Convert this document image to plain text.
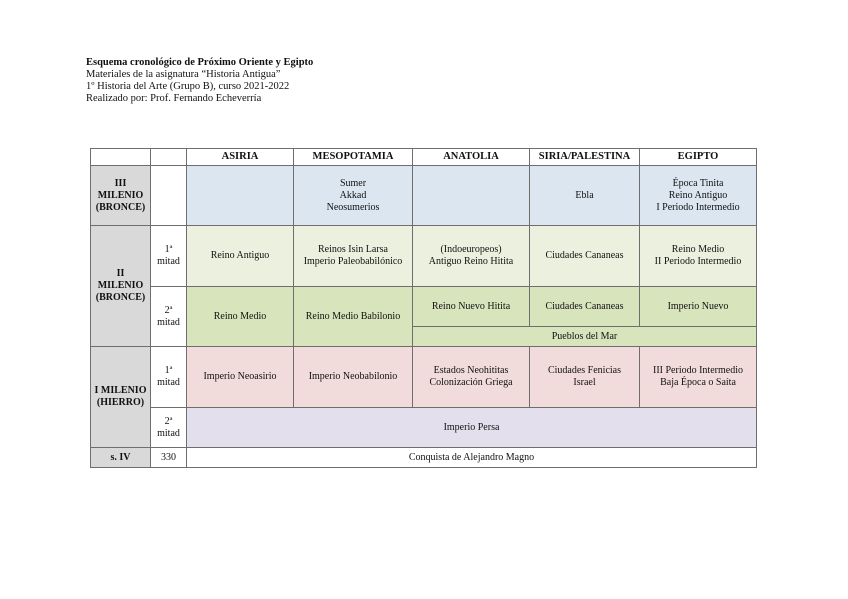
Esquema cronológico de Próximo Oriente y Egipto
Materiales de la asignatura “Historia Antigua”
1º Historia del Arte (Grupo B), curso 2021-2022
Realizado por: Prof. Fernando Echeverría
		ASIRIA	MESOPOTAMIA	ANATOLIA	SIRIA/PALESTINA	EGIPTO

III
MILENIO
(BRONCE)			Sumer
Akkad
Neosumerios		Ebla	Época Tinita
Reino Antiguo
I Periodo Intermedio

II
MILENIO
(BRONCE)	1ª
mitad	Reino Antiguo	Reinos Isin Larsa
Imperio Paleobabilónico	(Indoeuropeos)
Antiguo Reino Hitita	Ciudades Cananeas	Reino Medio
II Periodo Intermedio

	2ª
mitad	Reino Medio	Reino Medio Babilonio	Reino Nuevo Hitita	Ciudades Cananeas	Imperio Nuevo

				Pueblos del Mar		

I MILENIO
(HIERRO)	1ª
mitad	Imperio Neoasirio	Imperio Neobabilonio	Estados Neohititas
Colonización Griega	Ciudades Fenicias
Israel	III Periodo Intermedio
Baja Época o Saíta

	2ª
mitad	Imperio Persa				
s. IV	330	Conquista de Alejandro Magno				
